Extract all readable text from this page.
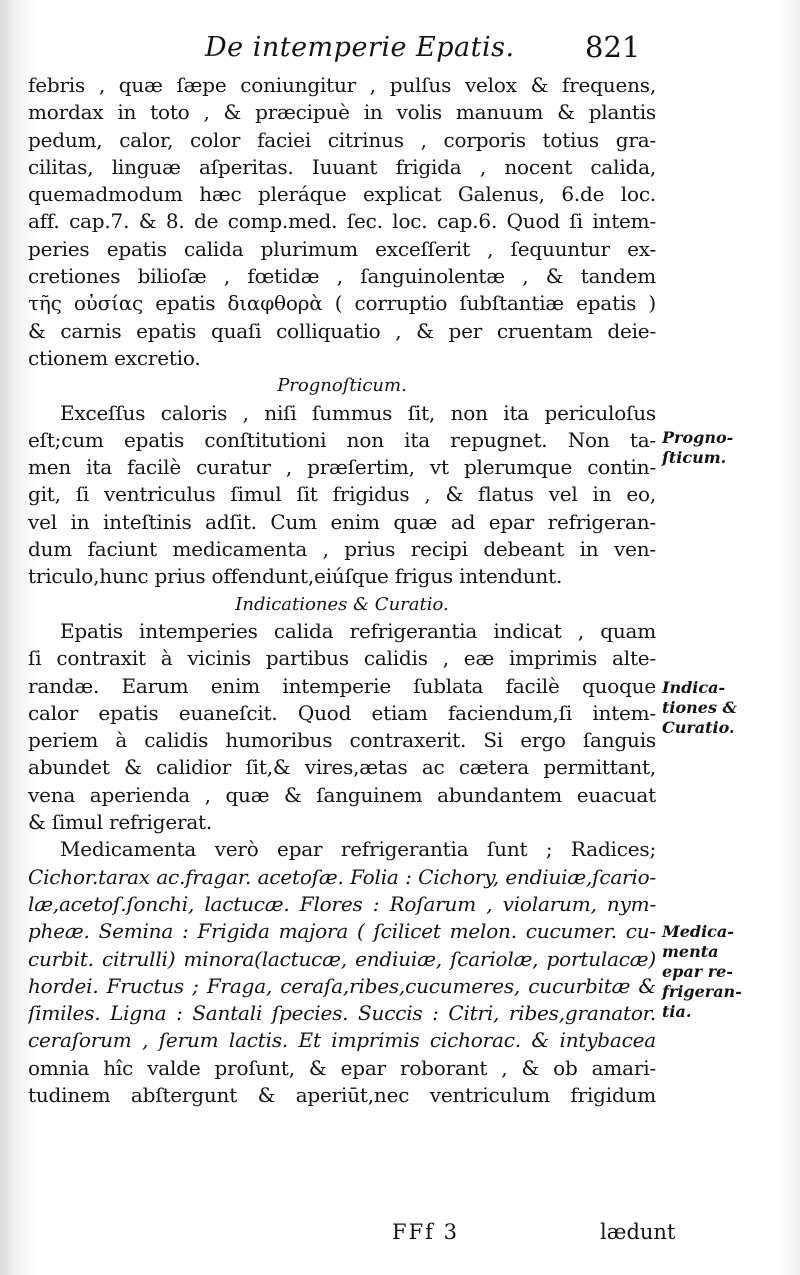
De intemperie Epatis. 821
febris , quæ ſæpe coniungitur , pulſus velox & frequens,
mordax in toto , & præcipuè in volis manuum & plantis
pedum, calor, color faciei citrinus , corporis totius gra-
cilitas, linguæ aſperitas. Iuuant frigida , nocent calida,
quemadmodum hæc pleráque explicat Galenus, 6.de loc.
aff. cap.7. & 8. de comp.med. ſec. loc. cap.6. Quod ſi intem-
peries epatis calida plurimum exceſſerit , ſequuntur ex-
cretiones bilioſæ , fœtidæ , ſanguinolentæ , & tandem
τῆς οὐσίας epatis διαφθορὰ ( corruptio ſubſtantiæ epatis )
& carnis epatis quaſi colliquatio , & per cruentam deie-
ctionem excretio.
Prognoſticum.
Exceſſus caloris , niſi ſummus ſit, non ita periculoſus
eſt;cum epatis conſtitutioni non ita repugnet. Non ta-
men ita facilè curatur , præſertim, vt plerumque contin-
git, ſi ventriculus ſimul ſit frigidus , & flatus vel in eo,
vel in inteſtinis adſit. Cum enim quæ ad epar refrigeran-
dum faciunt medicamenta , prius recipi debeant in ven-
triculo,hunc prius offendunt,eiúſque frigus intendunt.
Indicationes & Curatio.
Epatis intemperies calida refrigerantia indicat , quam
ſi contraxit à vicinis partibus calidis , eæ imprimis alte-
randæ. Earum enim intemperie ſublata facilè quoque
calor epatis euaneſcit. Quod etiam faciendum,ſi intem-
periem à calidis humoribus contraxerit. Si ergo ſanguis
abundet & calidior ſit,& vires,ætas ac cætera permittant,
vena aperienda , quæ & ſanguinem abundantem euacuat
& ſimul refrigerat.
Medicamenta verò epar refrigerantia ſunt ; Radices;
Cichor.tarax ac.fragar. acetoſæ. Folia : Cichory, endiuiæ,ſcario-
læ,acetoſ.ſonchi, lactucæ. Flores : Roſarum , violarum, nym-
pheæ. Semina : Frigida majora ( ſcilicet melon. cucumer. cu-
curbit. citrulli) minora(lactucæ, endiuiæ, ſcariolæ, portulacæ)
hordei. Fructus ; Fraga, ceraſa,ribes,cucumeres, cucurbitæ &
ſimiles. Ligna : Santali ſpecies. Succis : Citri, ribes,granator.
ceraſorum , ſerum lactis. Et imprimis cichorac. & intybacea
omnia hîc valde proſunt, & epar roborant , & ob amari-
tudinem abſtergunt & aperiūt,nec ventriculum frigidum
Progno-
ſticum.
Indica-
tiones &
Curatio.
Medica-
menta
epar re-
frigeran-
tia.
FFf 3	lædunt
